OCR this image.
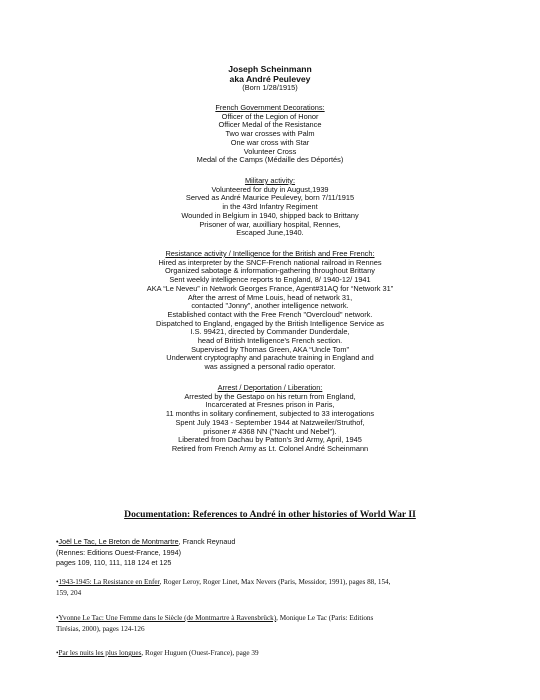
Joseph Scheinmann
aka André Peulevey
(Born 1/28/1915)
French Government Decorations:
Officer of the Legion of Honor
Officer Medal of the Resistance
Two war crosses with Palm
One war cross with Star
Volunteer Cross
Medal of the Camps (Médaille des Déportés)
Military activity:
Volunteered for duty in August,1939
Served as André Maurice Peulevey, born 7/11/1915
in the 43rd Infantry Regiment
Wounded in Belgium in 1940, shipped back to Brittany
Prisoner of war, auxilliary hospital, Rennes,
Escaped June,1940.
Resistance activity / Intelligence for the British and Free French:
Hired as interpreter by the SNCF-French national railroad in Rennes
Organized sabotage & information-gathering throughout Brittany
Sent weekly intelligence reports to England, 8/ 1940-12/ 1941
AKA “Le Neveu” in Network Georges France, Agent#31AQ for “Network 31”
After the arrest of Mme Louis, head of network 31,
contacted "Jonny", another intelligence network.
Established contact with the Free French "Overcloud" network.
Dispatched to England, engaged by the British Intelligence Service as
I.S. 99421, directed by Commander Dunderdale,
head of British Intelligence's French section.
Supervised by Thomas Green, AKA “Uncle Tom”
Underwent cryptography and parachute training in England and
was assigned a personal radio operator.
Arrest / Deportation / Liberation:
Arrested by the Gestapo on his return from England,
Incarcerated at Fresnes prison in Paris,
11 months in solitary confinement, subjected to 33 interogations
Spent July 1943 - September 1944 at Natzweiler/Struthof,
prisoner # 4368 NN ("Nacht und Nebel").
Liberated from Dachau by Patton's 3rd Army, April, 1945
Retired from French Army as Lt. Colonel André Scheinmann
Documentation: References to André in other histories of World War II
•Joël Le Tac, Le Breton de Montmartre, Franck Reynaud
(Rennes: Editions Ouest-France, 1994)
pages 109, 110, 111, 118 124 et 125
•1943-1945: La Resistance en Enfer, Roger Leroy, Roger Linet, Max Nevers (Paris, Messidor, 1991), pages 88, 154,
159, 204
•Yvonne Le Tac: Une Femme dans le Siècle (de Montmartre à Ravensbrück), Monique Le Tac (Paris: Editions
Tirésias, 2000), pages 124-126
•Par les nuits les plus longues, Roger Huguen (Ouest-France), page 39
